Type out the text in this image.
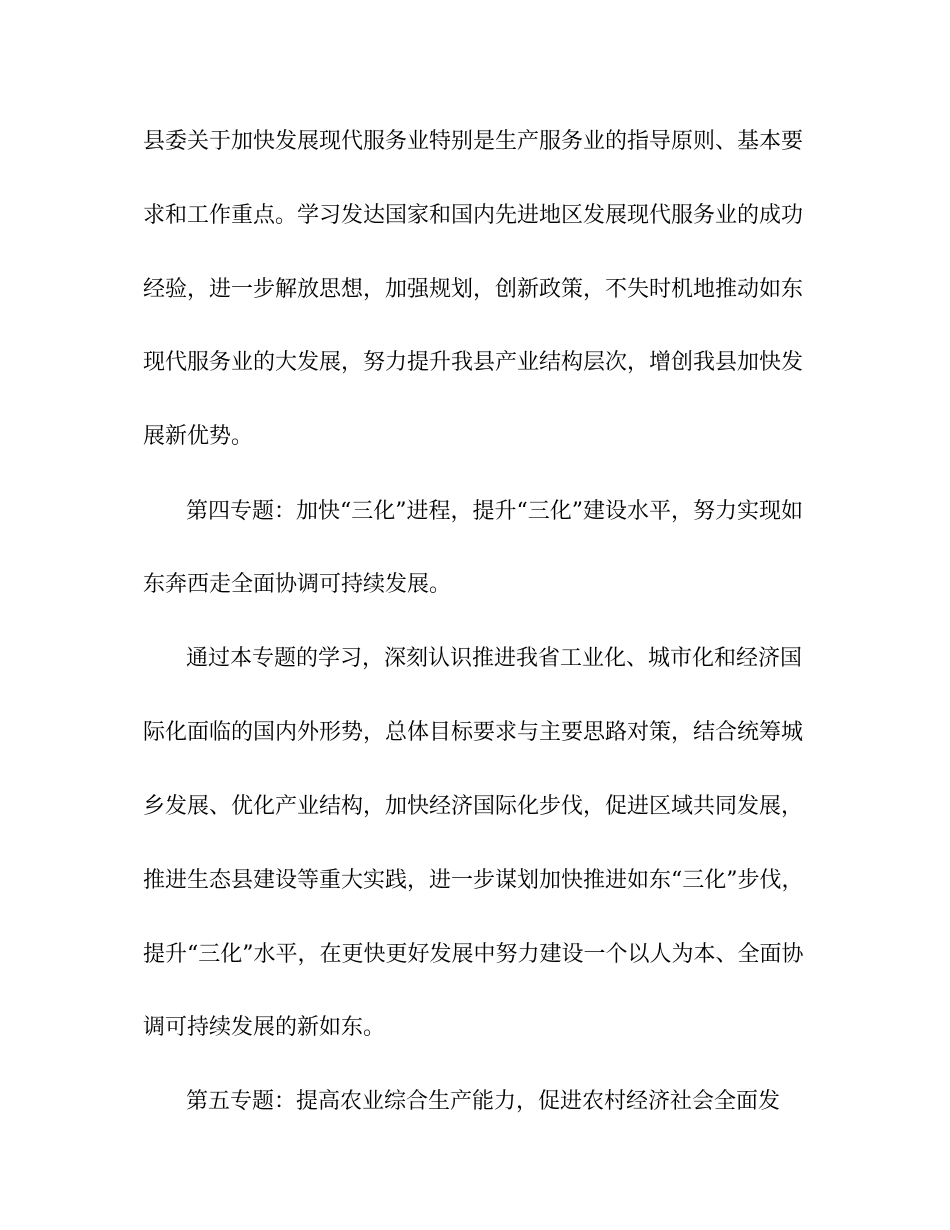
县委关于加快发展现代服务业特别是生产服务业的指导原则、基本要
求和工作重点。学习发达国家和国内先进地区发展现代服务业的成功
经验，进一步解放思想，加强规划，创新政策，不失时机地推动如东
现代服务业的大发展，努力提升我县产业结构层次，增创我县加快发
展新优势。
第四专题：加快“三化”进程，提升“三化”建设水平，努力实现如
东奔西走全面协调可持续发展。
通过本专题的学习，深刻认识推进我省工业化、城市化和经济国
际化面临的国内外形势，总体目标要求与主要思路对策，结合统筹城
乡发展、优化产业结构，加快经济国际化步伐，促进区域共同发展，
推进生态县建设等重大实践，进一步谋划加快推进如东“三化”步伐，
提升“三化”水平，在更快更好发展中努力建设一个以人为本、全面协
调可持续发展的新如东。
第五专题：提高农业综合生产能力，促进农村经济社会全面发
